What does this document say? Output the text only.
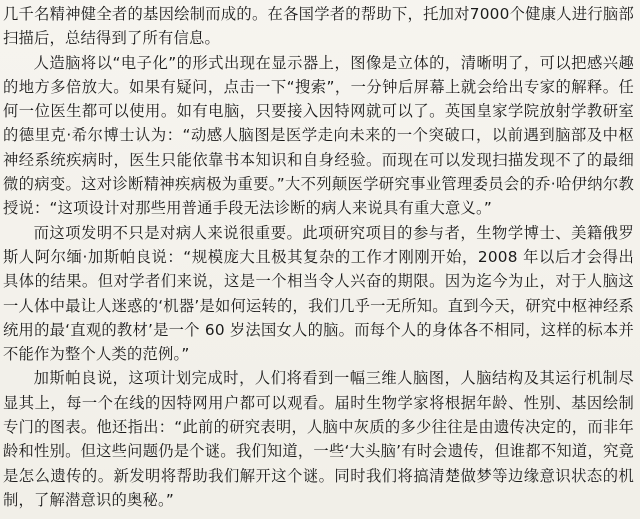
几千名精神健全者的基因绘制而成的。在各国学者的帮助下，托加对7000个健康人进行脑部扫描后，总结得到了所有信息。

人造脑将以“电子化”的形式出现在显示器上，图像是立体的，清晰明了，可以把感兴趣的地方多倍放大。如果有疑问，点击一下“搜索”，一分钟后屏幕上就会给出专家的解释。任何一位医生都可以使用。如有电脑，只要接入因特网就可以了。英国皇家学院放射学教研室的德里克·希尔博士认为：“动感人脑图是医学走向未来的一个突破口，以前遇到脑部及中枢神经系统疾病时，医生只能依靠书本知识和自身经验。而现在可以发现扫描发现不了的最细微的病变。这对诊断精神疾病极为重要。”大不列颠医学研究事业管理委员会的乔·哈伊纳尔教授说：“这项设计对那些用普通手段无法诊断的病人来说具有重大意义。”

而这项发明不只是对病人来说很重要。此项研究项目的参与者，生物学博士、美籍俄罗斯人阿尔缅·加斯帕良说：“规模庞大且极其复杂的工作才刚刚开始，2008 年以后才会得出具体的结果。但对学者们来说，这是一个相当令人兴奋的期限。因为迄今为止，对于人脑这一人体中最让人迷惑的‘机器’是如何运转的，我们几乎一无所知。直到今天，研究中枢神经系统用的最‘直观的教材’是一个 60 岁法国女人的脑。而每个人的身体各不相同，这样的标本并不能作为整个人类的范例。”

加斯帕良说，这项计划完成时，人们将看到一幅三维人脑图，人脑结构及其运行机制尽显其上，每一个在线的因特网用户都可以观看。届时生物学家将根据年龄、性别、基因绘制专门的图表。他还指出：“此前的研究表明，人脑中灰质的多少往往是由遗传决定的，而非年龄和性别。但这些问题仍是个谜。我们知道，一些‘大头脑’有时会遗传，但谁都不知道，究竟是怎么遗传的。新发明将帮助我们解开这个谜。同时我们将搞清楚做梦等边缘意识状态的机制，了解潜意识的奥秘。”
